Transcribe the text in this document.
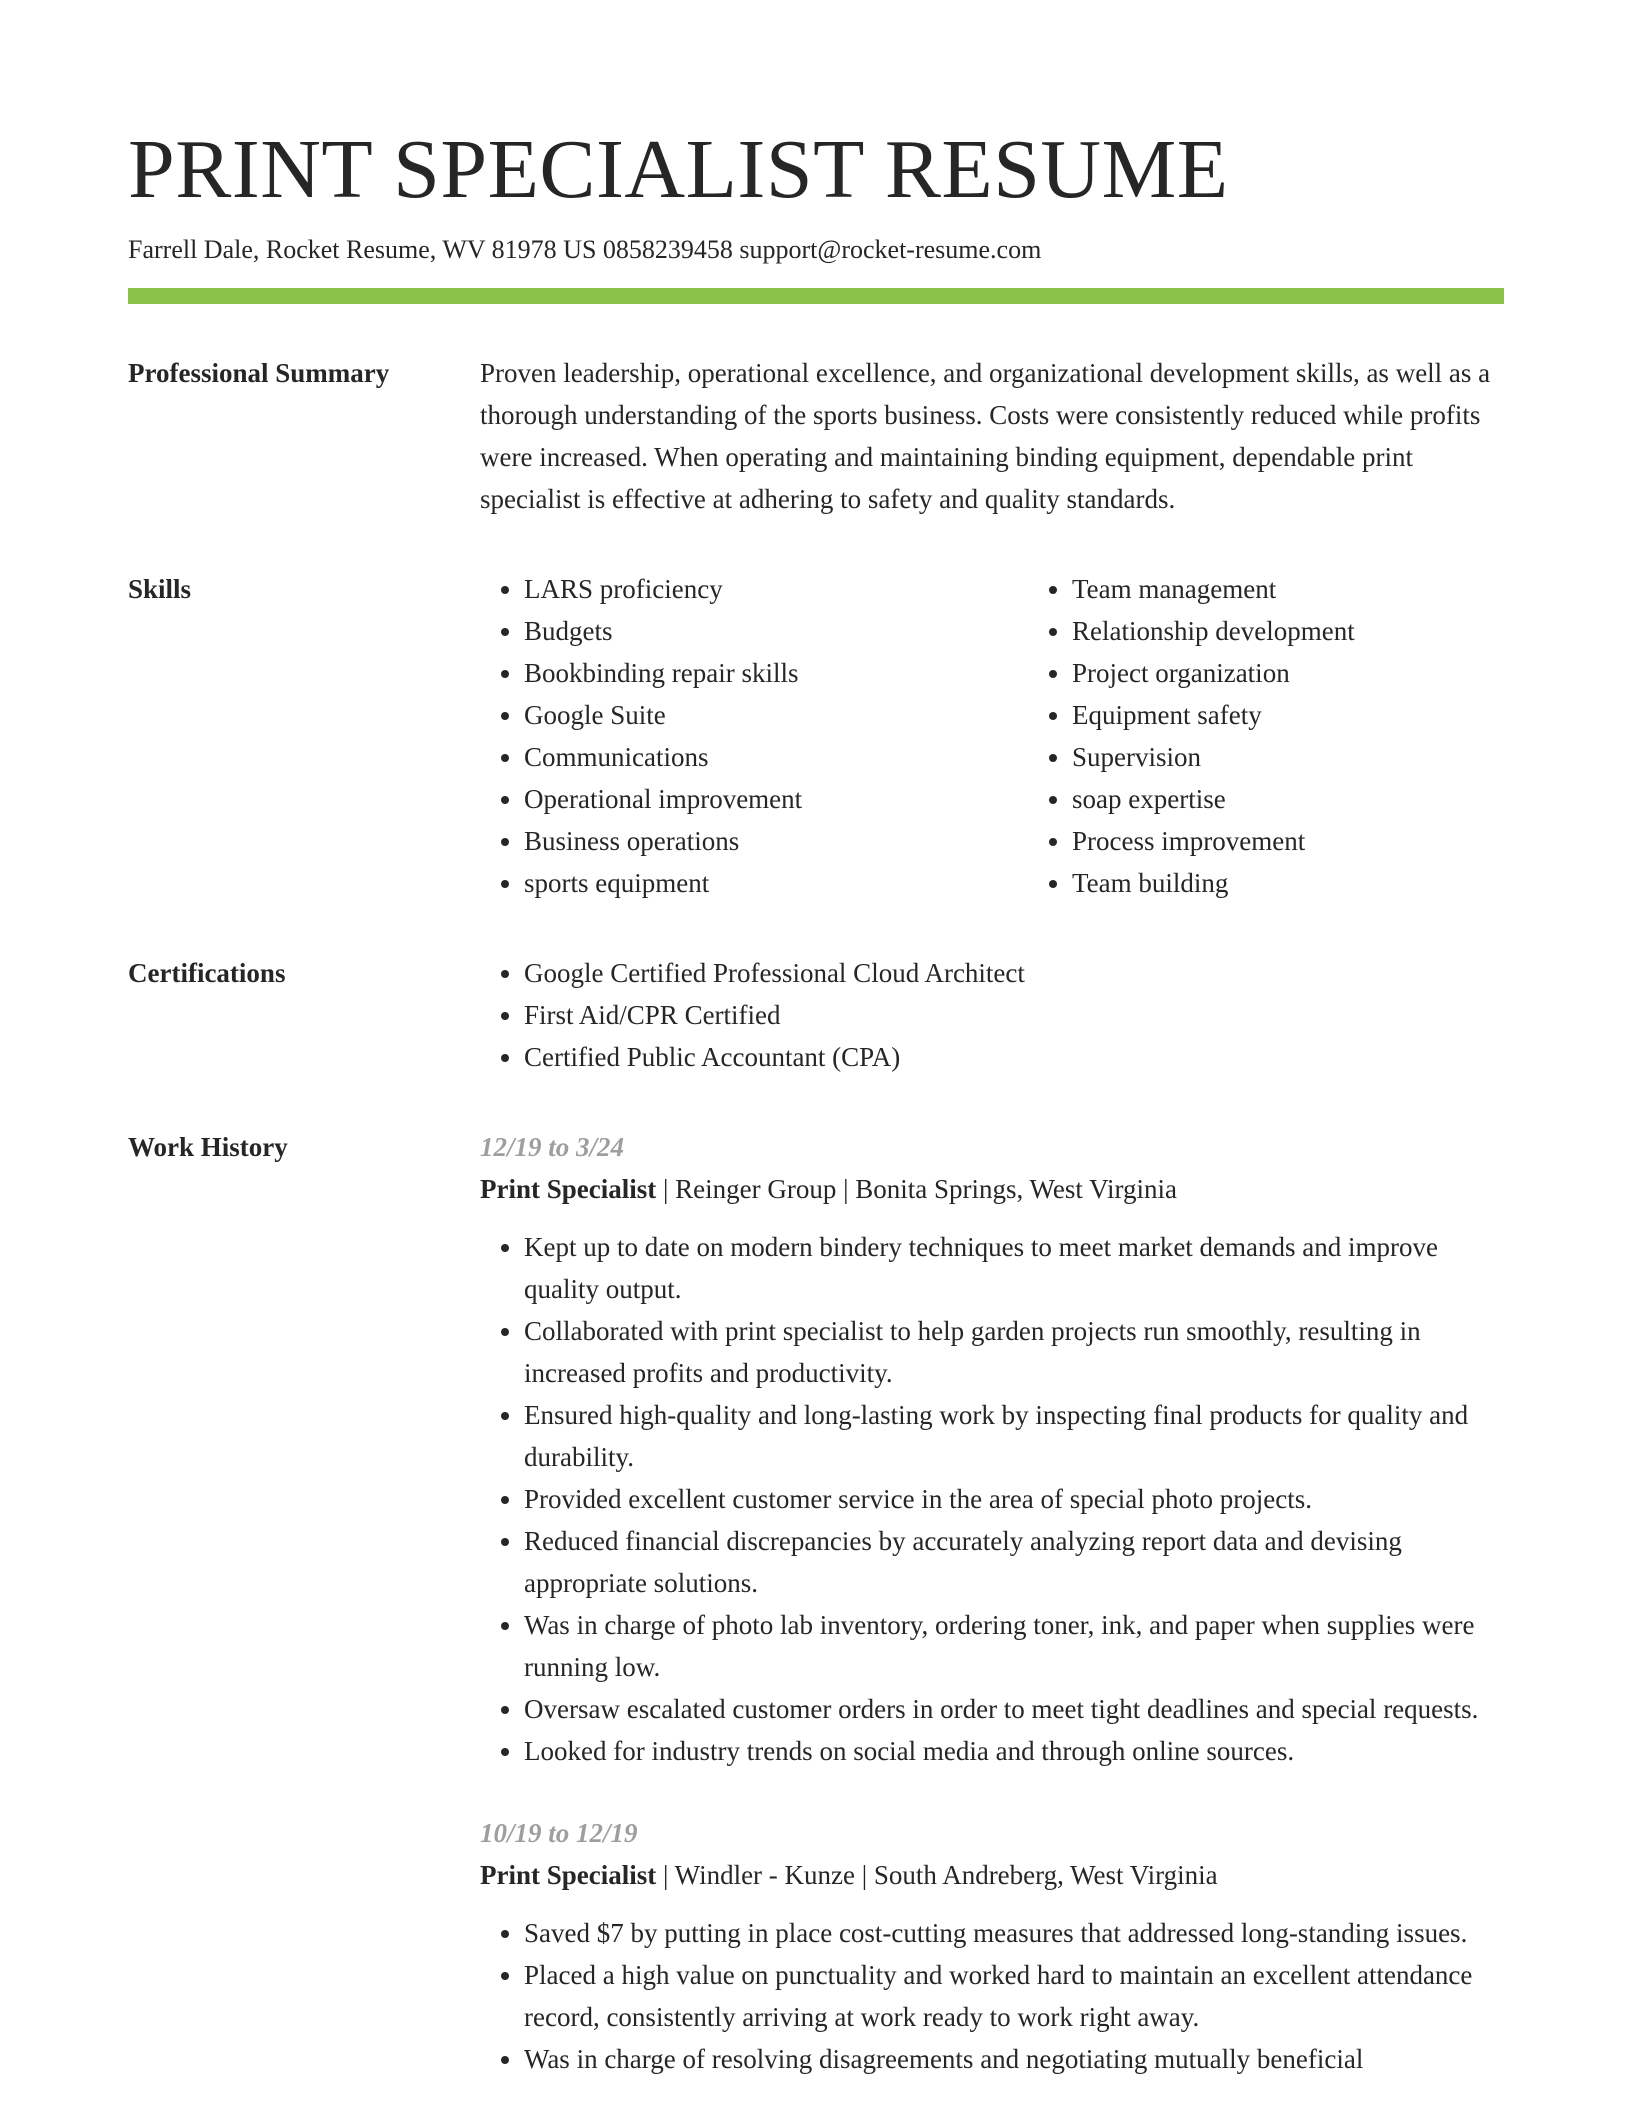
PRINT SPECIALIST RESUME
Farrell Dale, Rocket Resume, WV 81978 US 0858239458 support@rocket-resume.com
Professional Summary	Proven leadership, operational excellence, and organizational development skills, as well as a thorough understanding of the sports business. Costs were consistently reduced while profits were increased. When operating and maintaining binding equipment, dependable print specialist is effective at adhering to safety and quality standards.

Skills	• LARS proficiency
• Budgets
• Bookbinding repair skills
• Google Suite
• Communications
• Operational improvement
• Business operations
• sports equipment
• Team management
• Relationship development
• Project organization
• Equipment safety
• Supervision
• soap expertise
• Process improvement
• Team building
Certifications	• Google Certified Professional Cloud Architect
• First Aid/CPR Certified
• Certified Public Accountant (CPA)
Work History	12/19 to 3/24
Print Specialist | Reinger Group | Bonita Springs, West Virginia
• Kept up to date on modern bindery techniques to meet market demands and improve quality output.
• Collaborated with print specialist to help garden projects run smoothly, resulting in increased profits and productivity.
• Ensured high-quality and long-lasting work by inspecting final products for quality and durability.
• Provided excellent customer service in the area of special photo projects.
• Reduced financial discrepancies by accurately analyzing report data and devising appropriate solutions.
• Was in charge of photo lab inventory, ordering toner, ink, and paper when supplies were running low.
• Oversaw escalated customer orders in order to meet tight deadlines and special requests.
• Looked for industry trends on social media and through online sources.
10/19 to 12/19
Print Specialist | Windler - Kunze | South Andreberg, West Virginia
• Saved $7 by putting in place cost-cutting measures that addressed long-standing issues.
• Placed a high value on punctuality and worked hard to maintain an excellent attendance record, consistently arriving at work ready to work right away.
• Was in charge of resolving disagreements and negotiating mutually beneficial
